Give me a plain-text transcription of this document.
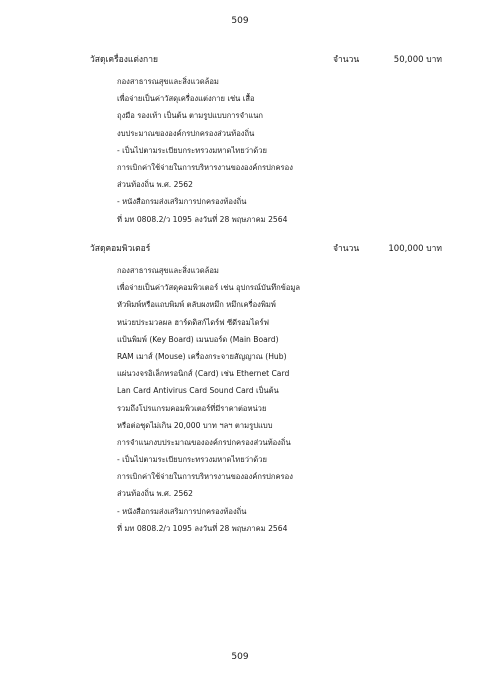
509
วัสดุเครื่องแต่งกาย	จำนวน	50,000 บาท
กองสาธารณสุขและสิ่งแวดล้อม
เพื่อจ่ายเป็นค่าวัสดุเครื่องแต่งกาย เช่น เสื้อ
ถุงมือ รองเท้า เป็นต้น ตามรูปแบบการจำแนก
งบประมาณขององค์กรปกครองส่วนท้องถิ่น
- เป็นไปตามระเบียบกระทรวงมหาดไทยว่าด้วย
การเบิกค่าใช้จ่ายในการบริหารงานขององค์กรปกครอง
ส่วนท้องถิ่น พ.ศ. 2562
- หนังสือกรมส่งเสริมการปกครองท้องถิ่น
ที่ มท 0808.2/ว 1095 ลงวันที่ 28 พฤษภาคม 2564
วัสดุคอมพิวเตอร์	จำนวน	100,000 บาท
กองสาธารณสุขและสิ่งแวดล้อม
เพื่อจ่ายเป็นค่าวัสดุคอมพิวเตอร์ เช่น อุปกรณ์บันทึกข้อมูล
หัวพิมพ์หรือแถบพิมพ์ ตลับผงหมึก หมึกเครื่องพิมพ์
หน่วยประมวลผล ฮาร์ดดิสก์ไดร์ฟ ซีดีรอมไดร์ฟ
แป้นพิมพ์ (Key Board) เมนบอร์ด (Main Board)
RAM เมาส์ (Mouse) เครื่องกระจายสัญญาณ (Hub)
แผ่นวงจรอิเล็กทรอนิกส์ (Card) เช่น Ethernet Card
Lan Card Antivirus Card Sound Card เป็นต้น
รวมถึงโปรแกรมคอมพิวเตอร์ที่มีราคาต่อหน่วย
หรือต่อชุดไม่เกิน 20,000 บาท ฯลฯ ตามรูปแบบ
การจำแนกงบประมาณขององค์กรปกครองส่วนท้องถิ่น
- เป็นไปตามระเบียบกระทรวงมหาดไทยว่าด้วย
การเบิกค่าใช้จ่ายในการบริหารงานขององค์กรปกครอง
ส่วนท้องถิ่น พ.ศ. 2562
- หนังสือกรมส่งเสริมการปกครองท้องถิ่น
ที่ มท 0808.2/ว 1095 ลงวันที่ 28 พฤษภาคม 2564
509
